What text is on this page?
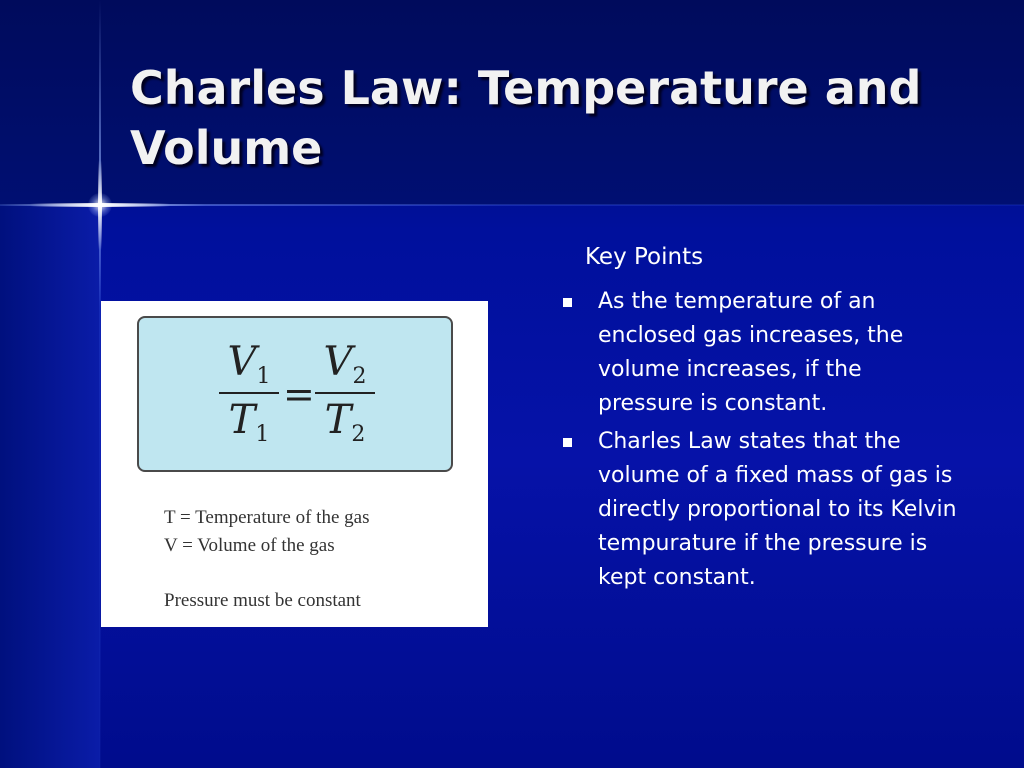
Charles Law: Temperature and Volume
$V_1$
$T_1$
=
$V_2$
$T_2$
T = Temperature of the gas
V = Volume of the gas
Pressure must be constant
Key Points
As the temperature of an enclosed gas increases, the volume increases, if the pressure is constant.
Charles Law states that the volume of a fixed mass of gas is directly proportional to its Kelvin tempurature if the pressure is kept constant.
